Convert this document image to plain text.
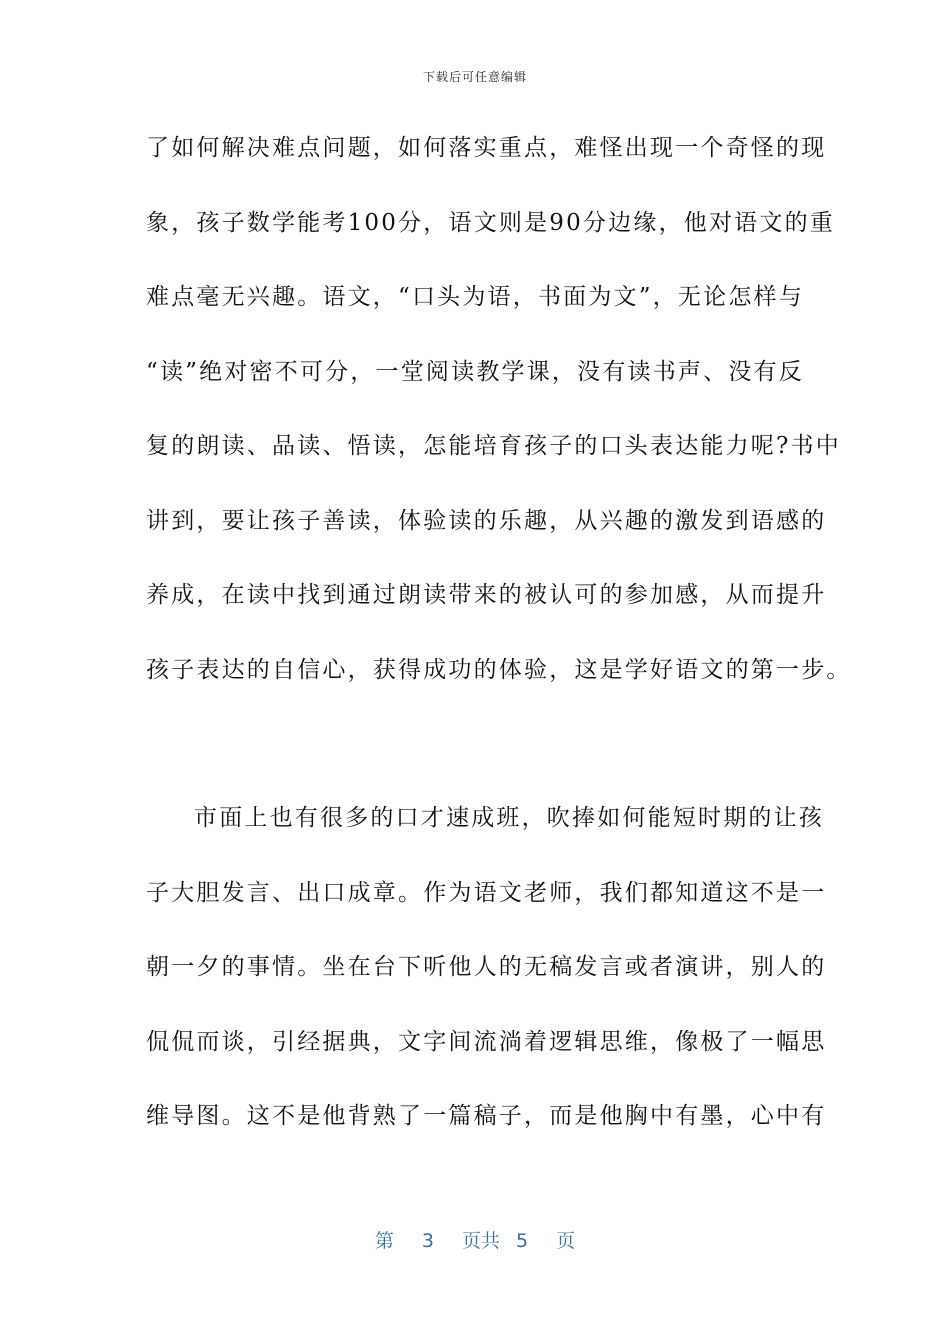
下载后可任意编辑
了如何解决难点问题，如何落实重点，难怪出现一个奇怪的现
象，孩子数学能考100分，语文则是90分边缘，他对语文的重
难点毫无兴趣。语文，“口头为语，书面为文”，无论怎样与
“读”绝对密不可分，一堂阅读教学课，没有读书声、没有反
复的朗读、品读、悟读，怎能培育孩子的口头表达能力呢?书中
讲到，要让孩子善读，体验读的乐趣，从兴趣的激发到语感的
养成，在读中找到通过朗读带来的被认可的参加感，从而提升
孩子表达的自信心，获得成功的体验，这是学好语文的第一步。
市面上也有很多的口才速成班，吹捧如何能短时期的让孩
子大胆发言、出口成章。作为语文老师，我们都知道这不是一
朝一夕的事情。坐在台下听他人的无稿发言或者演讲，别人的
侃侃而谈，引经据典，文字间流淌着逻辑思维，像极了一幅思
维导图。这不是他背熟了一篇稿子，而是他胸中有墨，心中有
第 3 页共 5 页
